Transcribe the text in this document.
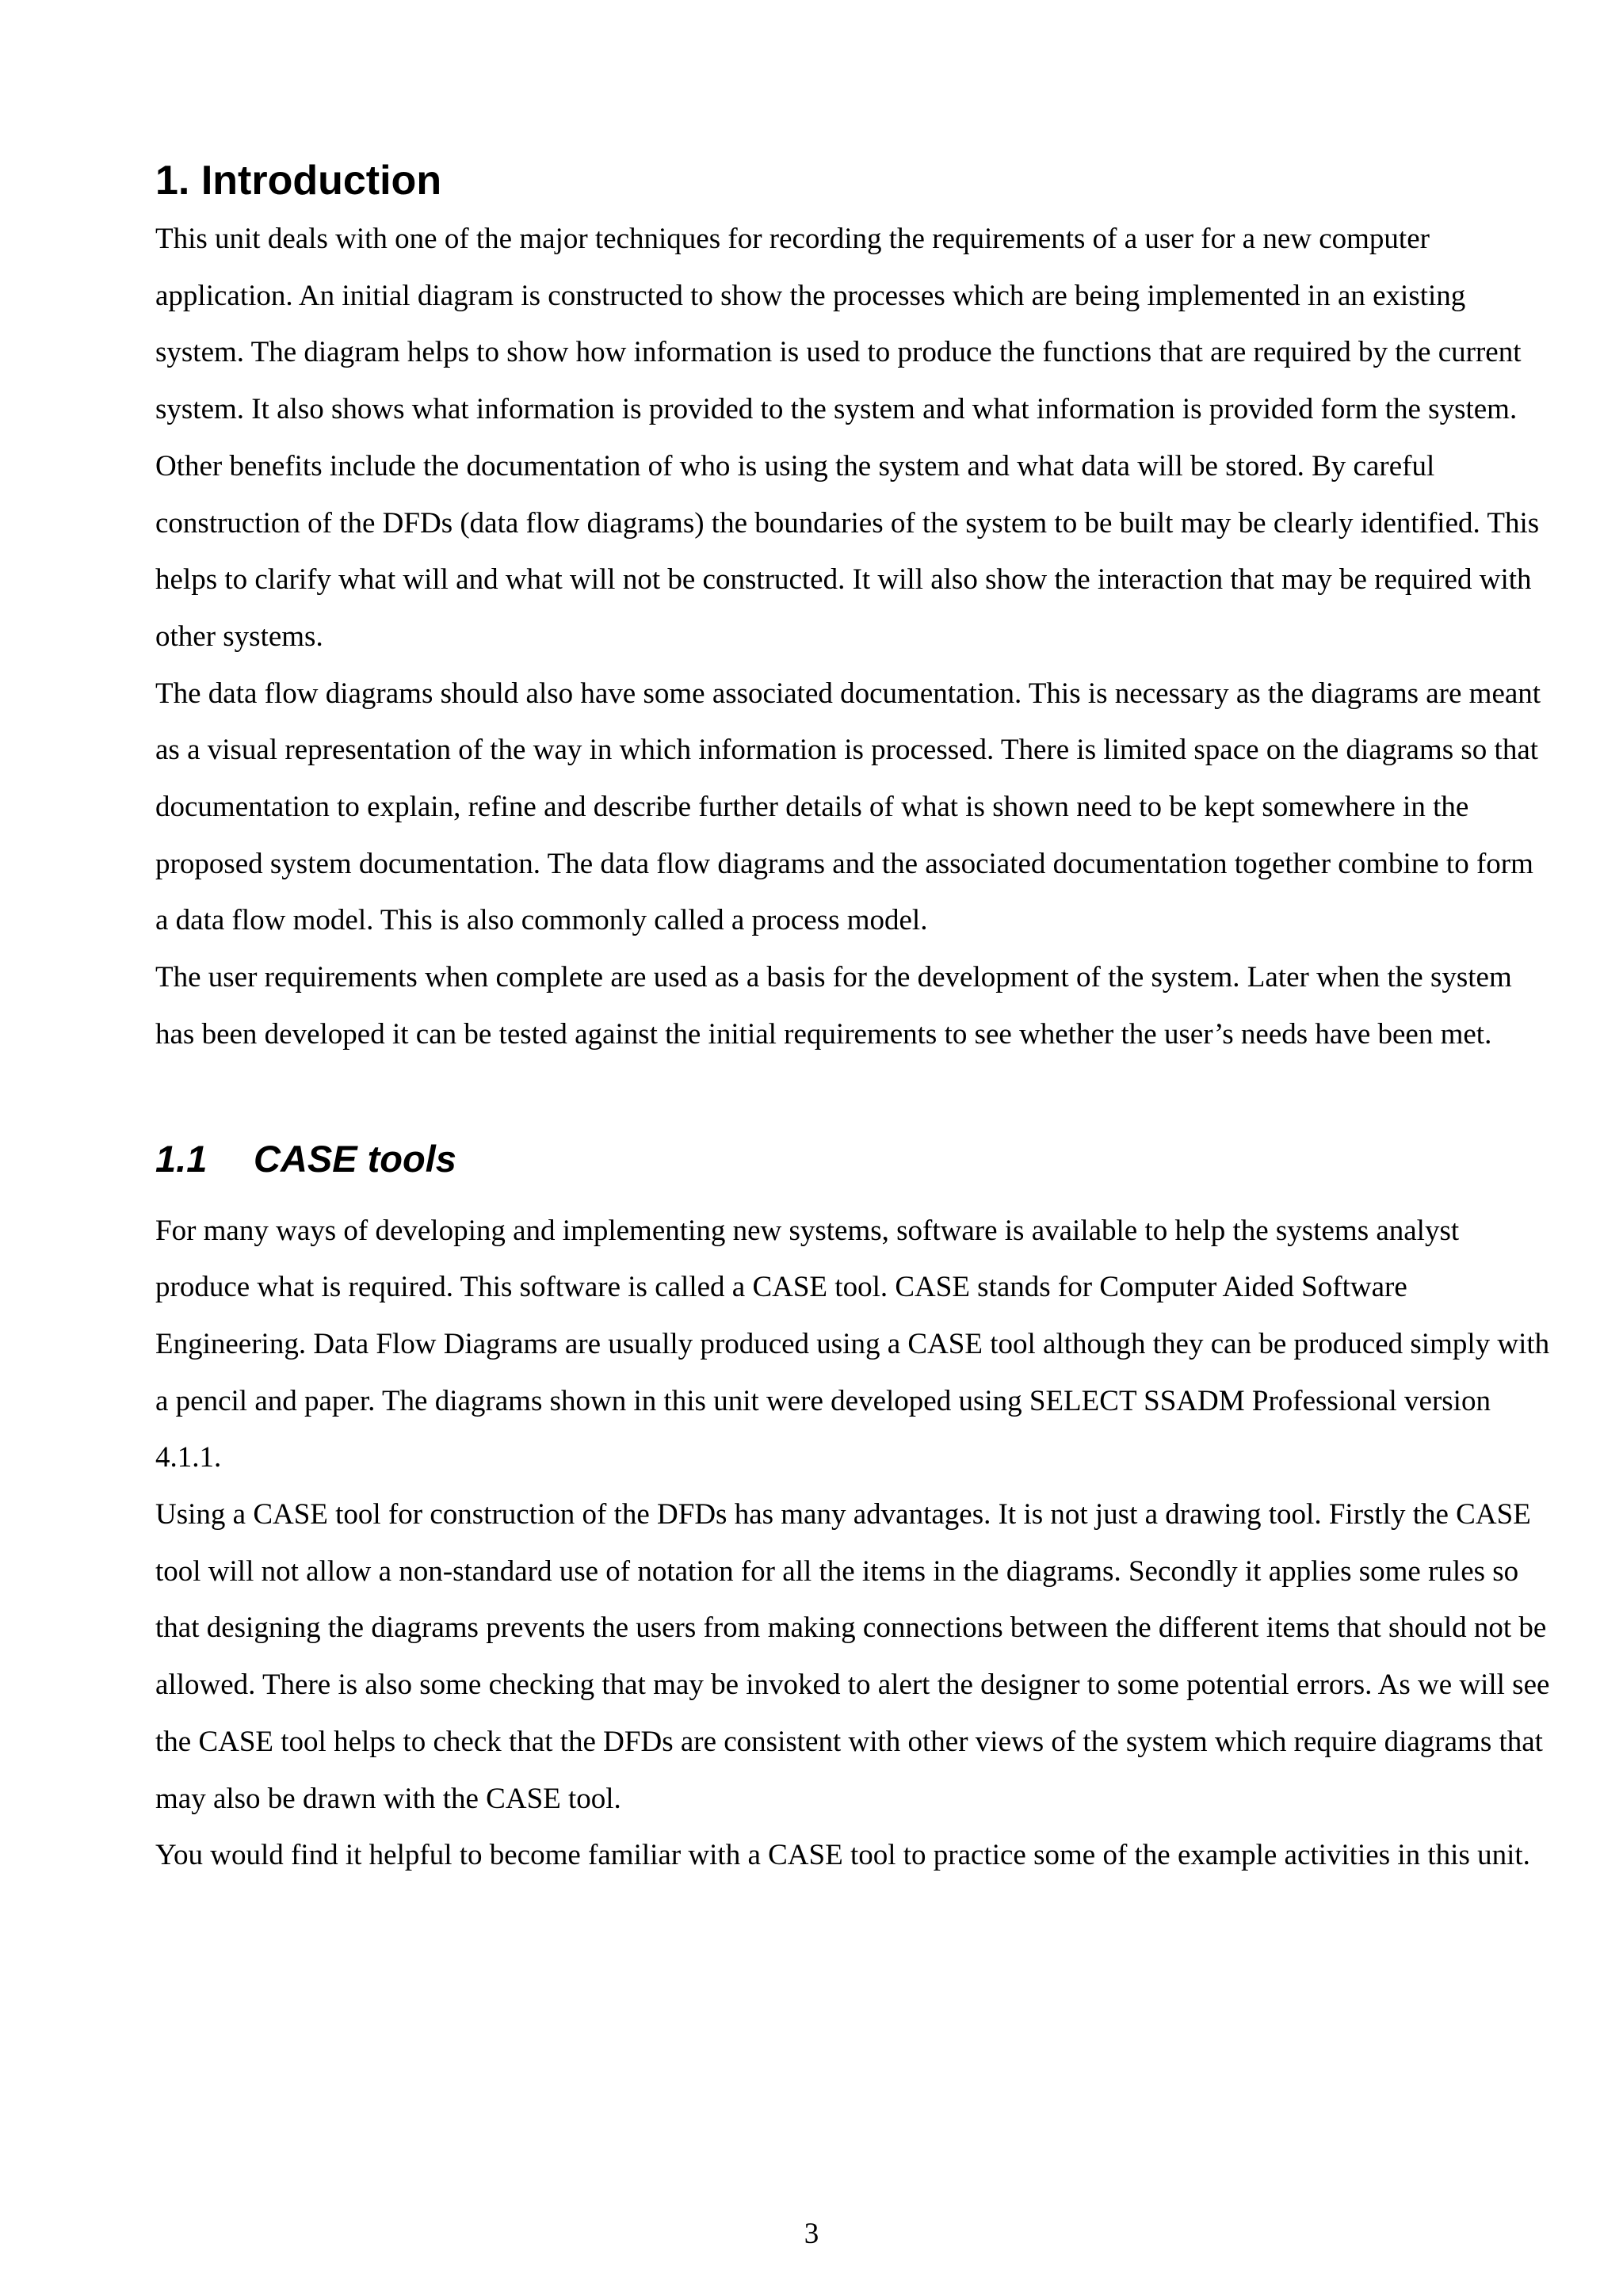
1. Introduction

This unit deals with one of the major techniques for recording the requirements of a user for a new computer application. An initial diagram is constructed to show the processes which are being implemented in an existing system. The diagram helps to show how information is used to produce the functions that are required by the current system. It also shows what information is provided to the system and what information is provided form the system. Other benefits include the documentation of who is using the system and what data will be stored. By careful construction of the DFDs (data flow diagrams) the boundaries of the system to be built may be clearly identified. This helps to clarify what will and what will not be constructed. It will also show the interaction that may be required with other systems.

The data flow diagrams should also have some associated documentation. This is necessary as the diagrams are meant as a visual representation of the way in which information is processed. There is limited space on the diagrams so that documentation to explain, refine and describe further details of what is shown need to be kept somewhere in the proposed system documentation. The data flow diagrams and the associated documentation together combine to form a data flow model. This is also commonly called a process model.

The user requirements when complete are used as a basis for the development of the system. Later when the system has been developed it can be tested against the initial requirements to see whether the user’s needs have been met.

1.1 CASE tools

For many ways of developing and implementing new systems, software is available to help the systems analyst produce what is required. This software is called a CASE tool. CASE stands for Computer Aided Software Engineering. Data Flow Diagrams are usually produced using a CASE tool although they can be produced simply with a pencil and paper. The diagrams shown in this unit were developed using SELECT SSADM Professional version 4.1.1.

Using a CASE tool for construction of the DFDs has many advantages. It is not just a drawing tool. Firstly the CASE tool will not allow a non-standard use of notation for all the items in the diagrams. Secondly it applies some rules so that designing the diagrams prevents the users from making connections between the different items that should not be allowed. There is also some checking that may be invoked to alert the designer to some potential errors. As we will see the CASE tool helps to check that the DFDs are consistent with other views of the system which require diagrams that may also be drawn with the CASE tool.

You would find it helpful to become familiar with a CASE tool to practice some of the example activities in this unit.

3
